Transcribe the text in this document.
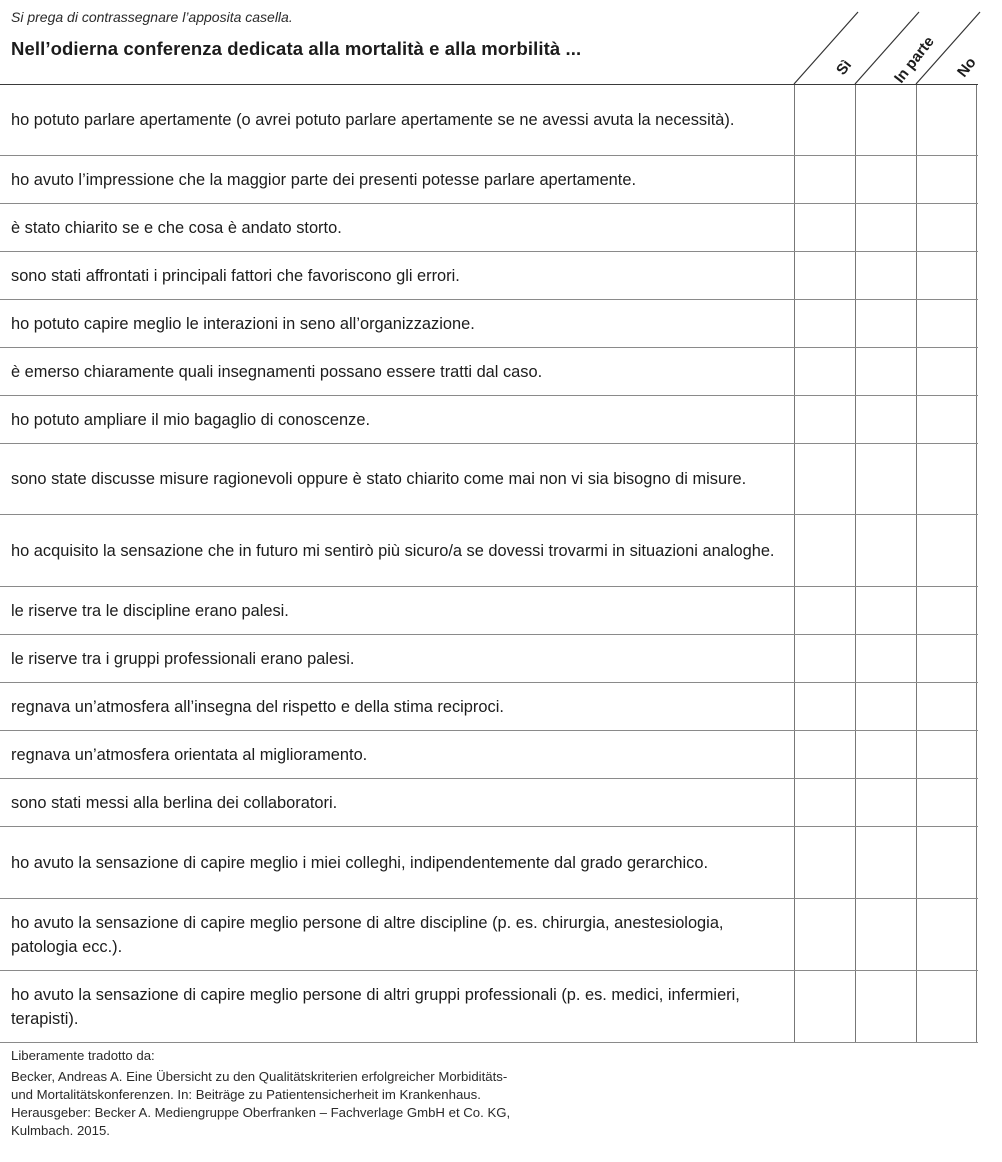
Si prega di contrassegnare l’apposita casella.
Nell’odierna conferenza dedicata alla mortalità e alla morbilità ...
Sì In parte No
ho potuto parlare apertamente (o avrei potuto parlare apertamente se ne avessi avuta la necessità).
ho avuto l’impressione che la maggior parte dei presenti potesse parlare apertamente.
è stato chiarito se e che cosa è andato storto.
sono stati affrontati i principali fattori che favoriscono gli errori.
ho potuto capire meglio le interazioni in seno all’organizzazione.
è emerso chiaramente quali insegnamenti possano essere tratti dal caso.
ho potuto ampliare il mio bagaglio di conoscenze.
sono state discusse misure ragionevoli oppure è stato chiarito come mai non vi sia bisogno di misure.
ho acquisito la sensazione che in futuro mi sentirò più sicuro/a se dovessi trovarmi in situazioni analoghe.
le riserve tra le discipline erano palesi.
le riserve tra i gruppi professionali erano palesi.
regnava un’atmosfera all’insegna del rispetto e della stima reciproci.
regnava un’atmosfera orientata al miglioramento.
sono stati messi alla berlina dei collaboratori.
ho avuto la sensazione di capire meglio i miei colleghi, indipendentemente dal grado gerarchico.
ho avuto la sensazione di capire meglio persone di altre discipline (p. es. chirurgia, anestesiologia, patologia ecc.).
ho avuto la sensazione di capire meglio persone di altri gruppi professionali (p. es. medici, infermieri, terapisti).
Liberamente tradotto da:
Becker, Andreas A. Eine Übersicht zu den Qualitätskriterien erfolgreicher Morbiditäts-
und Mortalitätskonferenzen. In: Beiträge zu Patientensicherheit im Krankenhaus.
Herausgeber: Becker A. Mediengruppe Oberfranken – Fachverlage GmbH et Co. KG,
Kulmbach. 2015.
